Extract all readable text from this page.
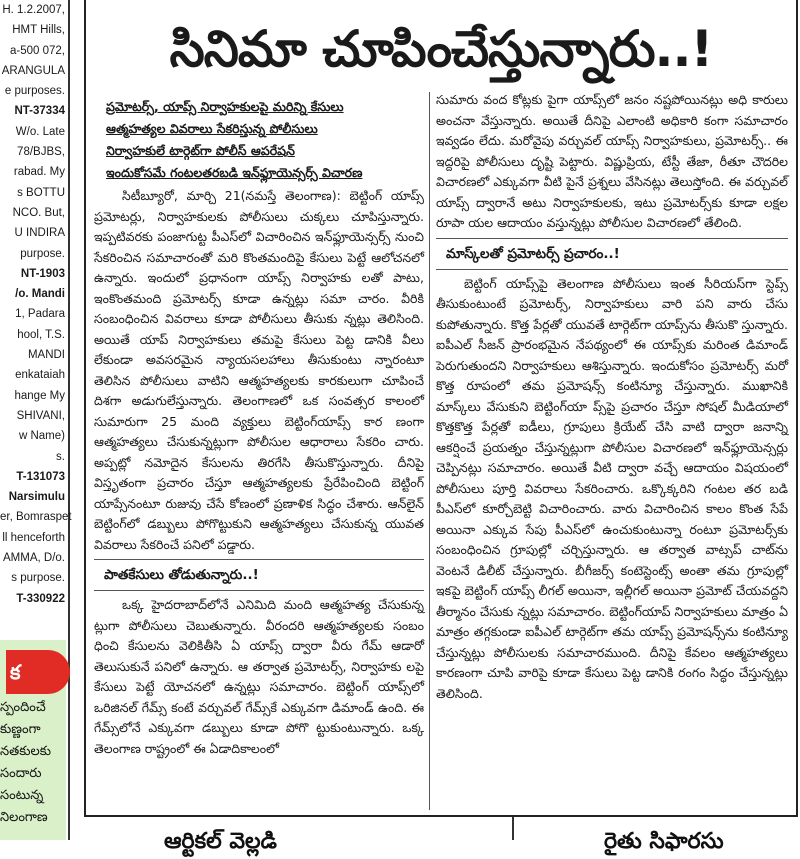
H. 1.2.2007,
HMT Hills,
a-500 072,
ARANGULA
e purposes.
NT-37334
W/o. Late
78/BJBS,
rabad. My
s BOTTU
NCO. But,
U INDIRA
purpose.
NT-1903
/o. Mandi
1, Padara
hool, T.S.
MANDI
enkataiah
hange My
SHIVANI,
w Name)
s.
T-131073
Narsimulu
er, Bomraspet
ll henceforth
AMMA, D/o.
s purpose.
T-330922
క
స్పందించే
కుణ్ణంగా
నతకులకు
సందారు
సంటున్న
నిలంగాణ
సినిమా చూపించేస్తున్నారు..!
ప్రమోటర్స్, యాప్స్ నిర్వాహకులపై మరిన్ని కేసులు
ఆత్మహత్యల వివరాలు సేకరిస్తున్న పోలీసులు
నిర్వాహకులే టార్గెట్‌గా పోలీస్ ఆపరేషన్
ఇందుకోసమే గంటలతరబడి ఇన్‌ఫ్లూయెన్సర్స్ విచారణ

సిటీబ్యూరో, మార్చి 21(నమస్తే తెలంగాణ): బెట్టింగ్ యాప్స్ ప్రమోటర్లు, నిర్వాహకులకు పోలీసులు చుక్కలు చూపిస్తున్నారు. ఇప్పటివరకు పంజాగుట్ట పీఎస్‌లో విచారించిన ఇన్‌ఫ్లూయెన్సర్స్ నుంచి సేకరించిన సమాచారంతో మరి కొంతమందిపై కేసులు పెట్టే ఆలోచనలో ఉన్నారు. ఇందులో ప్రధానంగా యాప్స్ నిర్వాహకు లతో పాటు, ఇంకొంతమంది ప్రమోటర్స్ కూడా ఉన్నట్లు సమా చారం. వీరికి సంబంధించిన వివరాలు కూడా పోలీసులు తీసుకు న్నట్లు తెలిసింది. అయితే యాప్ నిర్వాహకులు తమపై కేసులు పెట్ట డానికి వీలు లేకుండా అవసరమైన న్యాయసలహాలు తీసుకుంటు న్నారంటూ తెలిసిన పోలీసులు వాటిని ఆత్మహత్యలకు కారకులుగా చూపించే దిశగా అడుగులేస్తున్నారు. తెలంగాణలో ఒక సంవత్సర కాలంలో సుమారుగా 25 మంది వ్యక్తులు బెట్టింగ్‌యాప్స్ కార ణంగా ఆత్మహత్యలు చేసుకున్నట్లుగా పోలీసుల ఆధారాలు సేకరిం చారు. అప్పట్లో నమోదైన కేసులను తిరగేసి తీసుకొస్తున్నారు. దీనిపై విస్తృతంగా ప్రచారం చేస్తూ ఆత్మహత్యలకు ప్రేరేపించింది బెట్టింగ్ యాప్సేనంటూ రుజువు చేసే కోణంలో ప్రణాళిక సిద్ధం చేశారు. ఆన్‌లైన్ బెట్టింగ్‌లో డబ్బులు పోగొట్టుకుని ఆత్మహత్యలు చేసుకున్న యువత వివరాలు సేకరించే పనిలో పడ్డారు.

పాతకేసులు తోడుతున్నారు..!

ఒక్క హైదరాబాద్‌లోనే ఎనిమిది మంది ఆత్మహత్య చేసుకున్న ట్లుగా పోలీసులు చెబుతున్నారు. వీరందరి ఆత్మహత్యలకు సంబం ధించి కేసులను వెలికితీసి ఏ యాప్స్ ద్వారా వీరు గేమ్ ఆడారో తెలుసుకునే పనిలో ఉన్నారు. ఆ తర్వాత ప్రమోటర్స్, నిర్వాహకు లపై కేసులు పెట్టే యోచనలో ఉన్నట్లు సమాచారం. బెట్టింగ్ యాప్స్‌లో ఒరిజినల్ గేమ్స్ కంటే వర్చువల్ గేమ్స్‌కే ఎక్కువగా డిమాండ్ ఉంది. ఈ గేమ్స్‌లోనే ఎక్కువగా డబ్బులు కూడా పోగొ ట్టుకుంటున్నారు. ఒక్క తెలంగాణ రాష్ట్రంలో ఈ ఏడాదికాలంలో

సుమారు వంద కోట్లకు పైగా యాప్స్‌లో జనం నష్టపోయినట్లు అధి కారులు అంచనా వేస్తున్నారు. అయితే దీనిపై ఎలాంటి అధికారి కంగా సమాచారం ఇవ్వడం లేదు. మరోవైపు వర్చువల్ యాప్స్ నిర్వాహకులు, ప్రమోటర్స్.. ఈ ఇద్దరిపై పోలీసులు దృష్టి పెట్టారు. విష్ణుప్రియ, టేస్టీ తేజా, రీతూ చౌదరిల విచారణలో ఎక్కువగా వీటి పైనే ప్రశ్నలు వేసినట్లు తెలుస్తోంది. ఈ వర్చువల్ యాప్స్ ద్వారానే అటు నిర్వాహకులకు, ఇటు ప్రమోటర్స్‌కు కూడా లక్షల రూపా యల ఆదాయం వస్తున్నట్లు పోలీసుల విచారణలో తేలింది.

మాస్క్‌లతో ప్రమోటర్స్ ప్రచారం..!

బెట్టింగ్ యాప్స్‌పై తెలంగాణ పోలీసులు ఇంత సీరియస్‌గా స్టెప్స్ తీసుకుంటుంటే ప్రమోటర్స్, నిర్వాహకులు వారి పని వారు చేసు కుపోతున్నారు. కొత్త పేర్లతో యువతే టార్గెట్‌గా యాప్స్‌ను తీసుకొ స్తున్నారు. ఐపీఎల్ సీజన్ ప్రారంభమైన నేపథ్యంలో ఈ యాప్స్‌కు మరింత డిమాండ్ పెరుగుతుందని నిర్వాహకులు ఆశిస్తున్నారు. ఇందుకోసం ప్రమోటర్స్ మరో కొత్త రూపంలో తమ ప్రమోషన్స్ కంటిన్యూ చేస్తున్నారు. ముఖానికి మాస్క్‌లు వేసుకుని బెట్టింగ్‌యా ప్స్‌పై ప్రచారం చేస్తూ సోషల్ మీడియాలో కొత్తకొత్త పేర్లతో ఐడీలు, గ్రూపులు క్రియేట్ చేసి వాటి ద్వారా జనాన్ని ఆకర్షించే ప్రయత్నం చేస్తున్నట్లుగా పోలీసుల విచారణలో ఇన్‌ఫ్లూయెన్సర్లు చెప్పినట్లు సమాచారం. అయితే వీటి ద్వారా వచ్చే ఆదాయం విషయంలో పోలీసులు పూర్తి వివరాలు సేకరించారు. ఒక్కొక్కరిని గంటల తర బడి పీఎస్‌లో కూర్చోబెట్టి విచారించారు. వారు విచారించిన కాలం కొంత సేపే అయినా ఎక్కువ సేపు పీఎస్‌లో ఉంచుకుంటున్నా రంటూ ప్రమోటర్స్‌కు సంబంధించిన గ్రూపుల్లో చర్చిస్తున్నారు. ఆ తర్వాత వాట్సప్ చాట్‌ను వెంటనే డిలీట్ చేస్తున్నారు. బీగీజర్స్ కంటెస్టెంట్స్ అంతా తమ గ్రూపుల్లో ఇకపై బెట్టింగ్ యాప్స్ లీగల్ అయినా, ఇల్లీగల్ అయినా ప్రమోట్ చేయవద్దని తీర్మానం చేసుకు న్నట్లు సమాచారం. బెట్టింగ్‌యాప్ నిర్వాహకులు మాత్రం ఏ మాత్రం తగ్గకుండా ఐపీఎల్ టార్గెట్‌గా తమ యాప్స్ ప్రమోషన్స్‌ను కంటిన్యూ చేస్తున్నట్లు పోలీసులకు సమాచారముంది. దీనిపై కేవలం ఆత్మహత్యలు కారణంగా చూపి వారిపై కూడా కేసులు పెట్ట డానికి రంగం సిద్ధం చేస్తున్నట్లు తెలిసింది.

ఆర్టికల్ వెల్లడి	రైతు సిఫారసు
